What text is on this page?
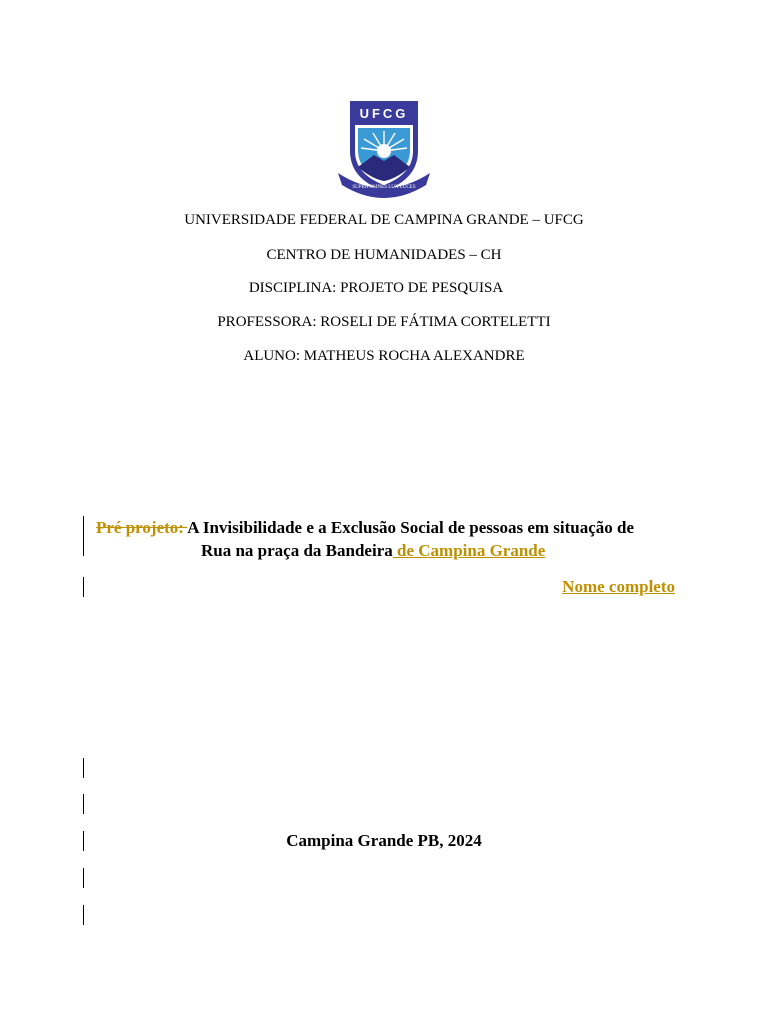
UFCG
SUPRA OMNES LUX LUCES
UNIVERSIDADE FEDERAL DE CAMPINA GRANDE – UFCG
CENTRO DE HUMANIDADES – CH
DISCIPLINA: PROJETO DE PESQUISA
PROFESSORA: ROSELI DE FÁTIMA CORTELETTI
ALUNO: MATHEUS ROCHA ALEXANDRE
Pré projeto: A Invisibilidade e a Exclusão Social de pessoas em situação de
Rua na praça da Bandeira de Campina Grande
Nome completo
Campina Grande PB, 2024
